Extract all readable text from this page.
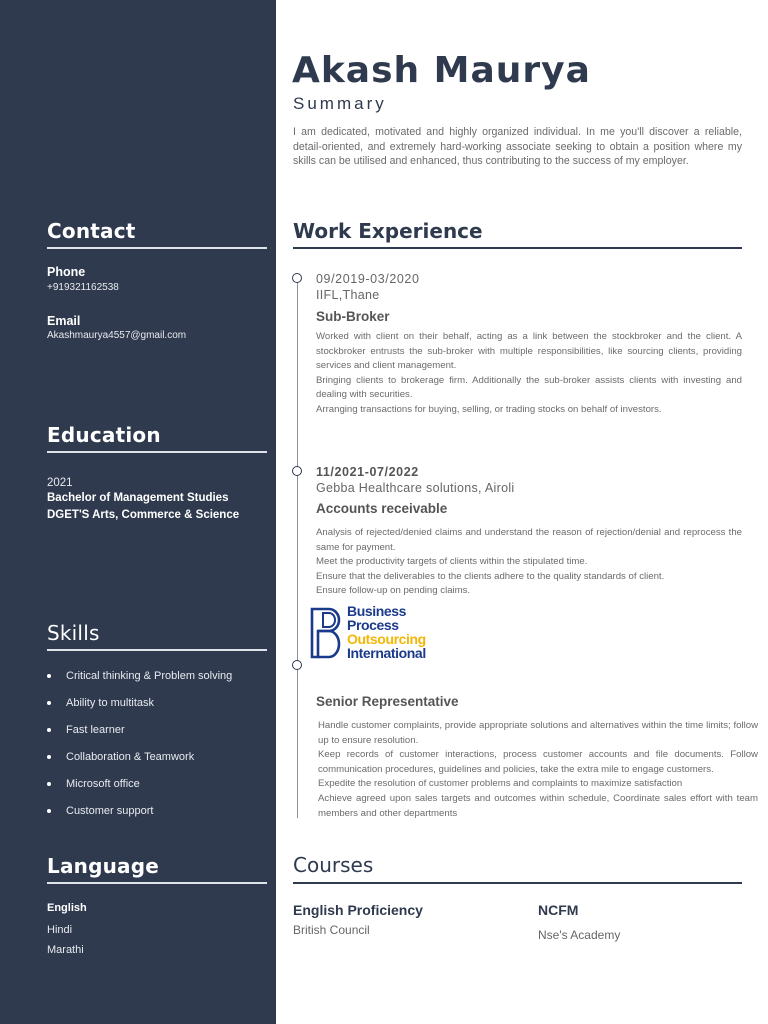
Contact
Phone
+919321162538
Email
Akashmaurya4557@gmail.com
Education
2021
Bachelor of Management Studies
DGET'S Arts, Commerce & Science
Skills
Critical thinking & Problem solving
Ability to multitask
Fast learner
Collaboration & Teamwork
Microsoft office
Customer support
Language
English
Hindi
Marathi
Akash Maurya
Summary

I am dedicated, motivated and highly organized individual. In me you'll discover a reliable, detail-oriented, and extremely hard-working associate seeking to obtain a position where my skills can be utilised and enhanced, thus contributing to the success of my employer.

Work Experience
09/2019-03/2020
IIFL,Thane
Sub-Broker

Worked with client on their behalf, acting as a link between the stockbroker and the client. A stockbroker entrusts the sub-broker with multiple responsibilities, like sourcing clients, providing services and client management.

Bringing clients to brokerage firm. Additionally the sub-broker assists clients with investing and dealing with securities.

Arranging transactions for buying, selling, or trading stocks on behalf of investors.

11/2021-07/2022
Gebba Healthcare solutions, Airoli
Accounts receivable

Analysis of rejected/denied claims and understand the reason of rejection/denial and reprocess the same for payment.

Meet the productivity targets of clients within the stipulated time.

Ensure that the deliverables to the clients adhere to the quality standards of client.

Ensure follow-up on pending claims.

Business
Process
Outsourcing
International
Senior Representative

Handle customer complaints, provide appropriate solutions and alternatives within the time limits; follow up to ensure resolution.

Keep records of customer interactions, process customer accounts and file documents. Follow communication procedures, guidelines and policies, take the extra mile to engage customers.

Expedite the resolution of customer problems and complaints to maximize satisfaction

Achieve agreed upon sales targets and outcomes within schedule, Coordinate sales effort with team members and other departments

Courses
English Proficiency
British Council
NCFM
Nse's Academy
